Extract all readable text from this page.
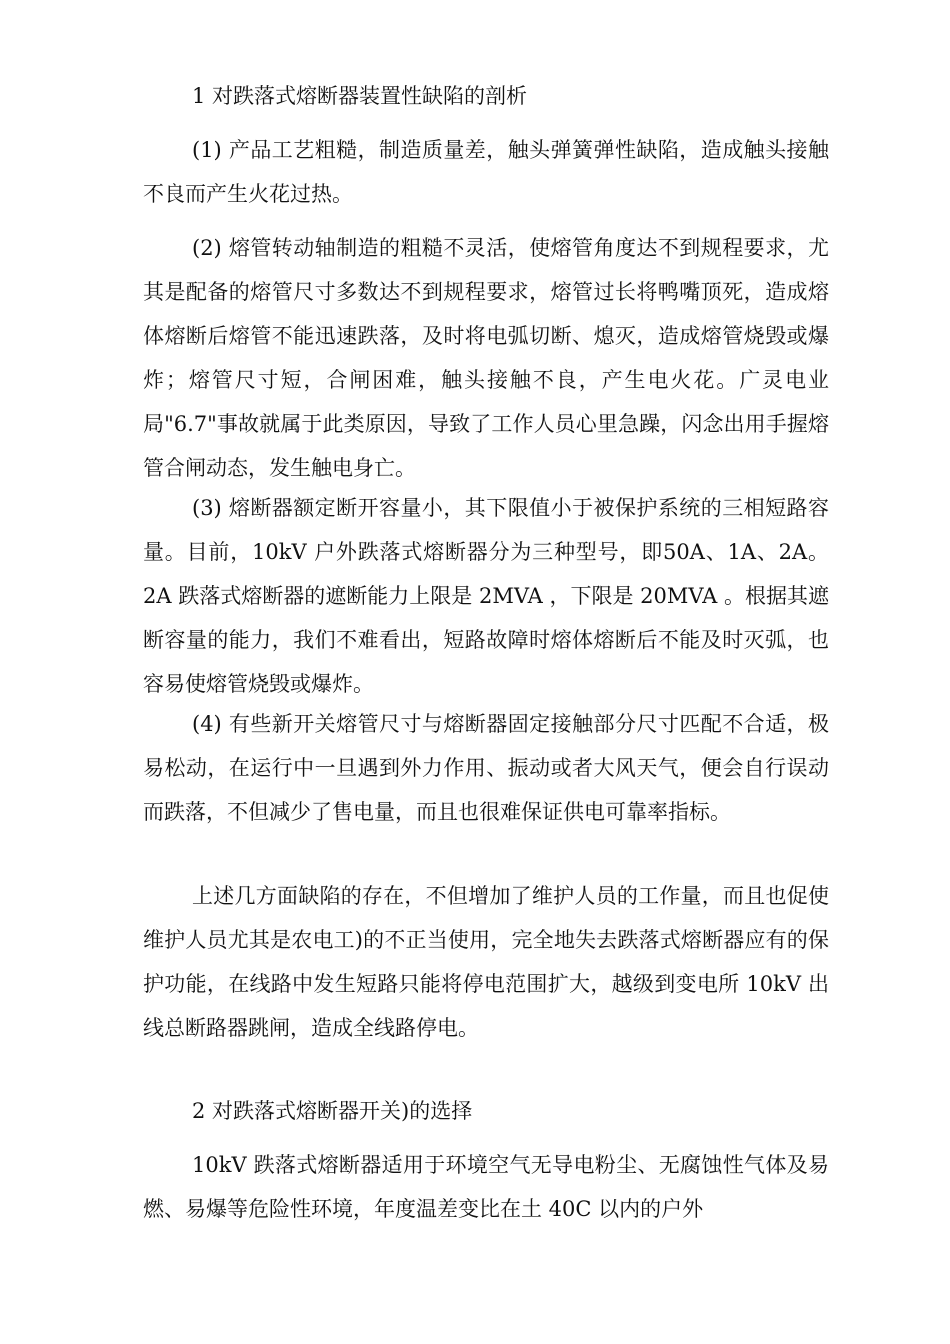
1 对跌落式熔断器装置性缺陷的剖析

(1) 产品工艺粗糙，制造质量差，触头弹簧弹性缺陷，造成触头接触不良而产生火花过热。

(2) 熔管转动轴制造的粗糙不灵活，使熔管角度达不到规程要求，尤其是配备的熔管尺寸多数达不到规程要求，熔管过长将鸭嘴顶死，造成熔体熔断后熔管不能迅速跌落，及时将电弧切断、熄灭，造成熔管烧毁或爆炸；熔管尺寸短，合闸困难，触头接触不良，产生电火花。广灵电业局"6.7"事故就属于此类原因，导致了工作人员心里急躁，闪念出用手握熔管合闸动态，发生触电身亡。

(3) 熔断器额定断开容量小，其下限值小于被保护系统的三相短路容量。目前，10kV 户外跌落式熔断器分为三种型号，即50A、1A、2A。2A 跌落式熔断器的遮断能力上限是 2MVA ，下限是 20MVA 。根据其遮断容量的能力，我们不难看出，短路故障时熔体熔断后不能及时灭弧，也容易使熔管烧毁或爆炸。

(4) 有些新开关熔管尺寸与熔断器固定接触部分尺寸匹配不合适，极易松动，在运行中一旦遇到外力作用、振动或者大风天气，便会自行误动而跌落，不但减少了售电量，而且也很难保证供电可靠率指标。

上述几方面缺陷的存在，不但增加了维护人员的工作量，而且也促使维护人员尤其是农电工)的不正当使用，完全地失去跌落式熔断器应有的保护功能，在线路中发生短路只能将停电范围扩大，越级到变电所 10kV 出线总断路器跳闸，造成全线路停电。

2 对跌落式熔断器开关)的选择

10kV 跌落式熔断器适用于环境空气无导电粉尘、无腐蚀性气体及易燃、易爆等危险性环境，年度温差变比在土 40C 以内的户外
